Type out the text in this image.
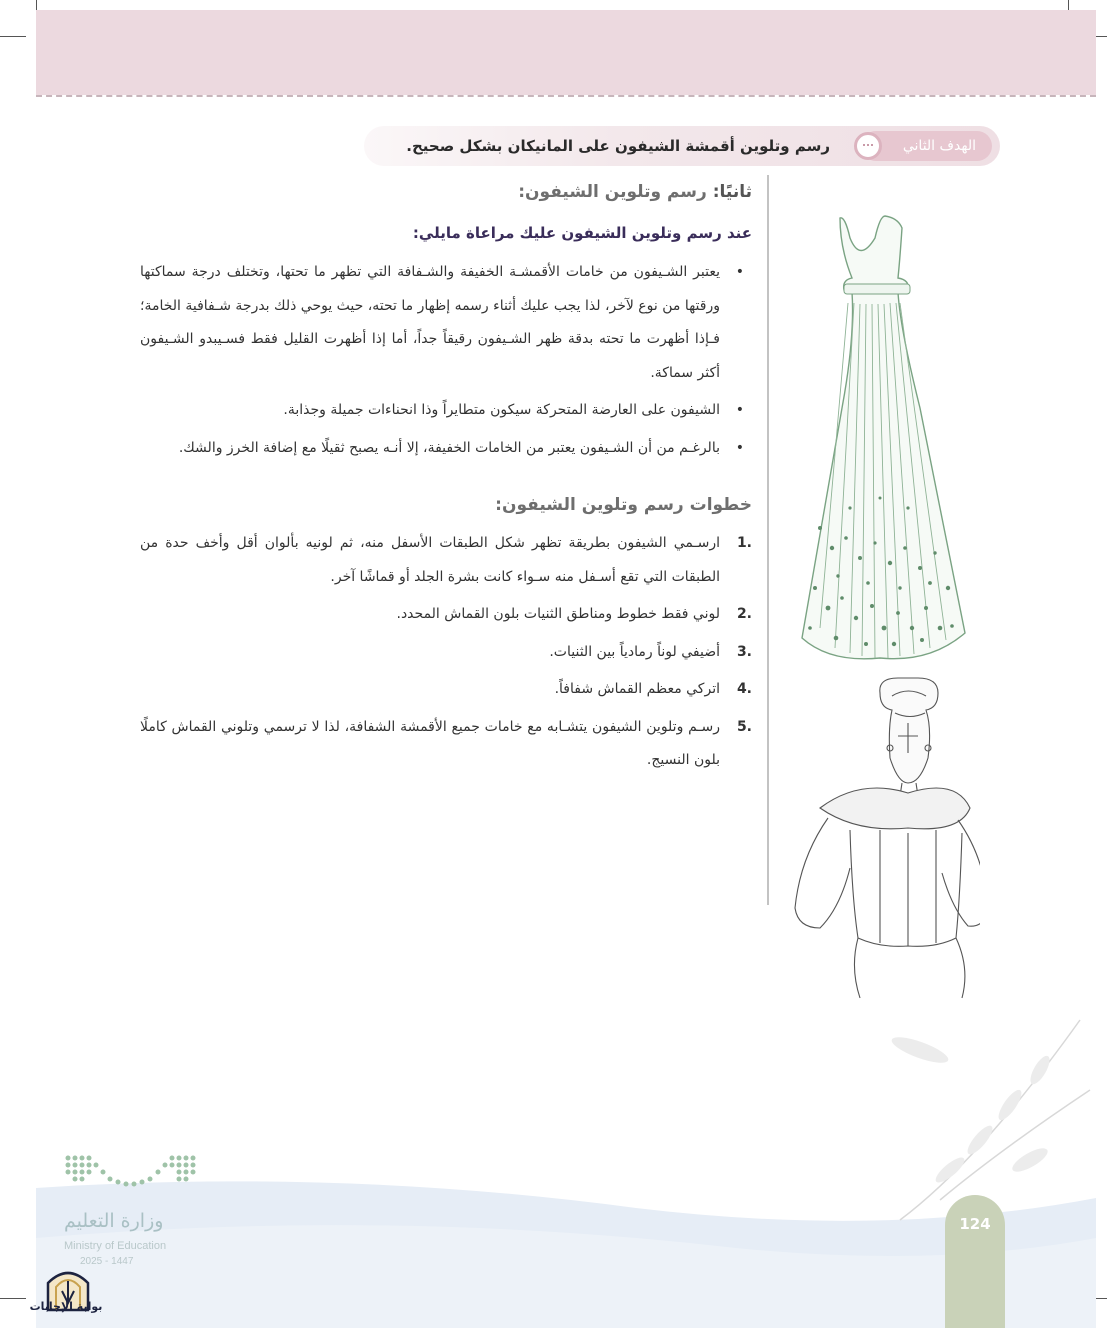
الهدف الثاني
رسم وتلوين أقمشة الشيفون على المانيكان بشكل صحيح.
ثانيًا: رسم وتلوين الشيفون:
عند رسم وتلوين الشيفون عليك مراعاة مايلي:
• يعتبر الشـيفون من خامات الأقمشـة الخفيفة والشـفافة التي تظهر ما تحتها، وتختلف درجة سماكتها ورقتها من نوع لآخر، لذا يجب عليك أثناء رسمه إظهار ما تحته، حيث يوحي ذلك بدرجة شـفافية الخامة؛ فـإذا أظهرت ما تحته بدقة ظهر الشـيفون رقيقاً جداً، أما إذا أظهرت القليل فقط فسـيبدو الشـيفون أكثر سماكة.
• الشيفون على العارضة المتحركة سيكون متطايراً وذا انحناءات جميلة وجذابة.
• بالرغـم من أن الشـيفون يعتبر من الخامات الخفيفة، إلا أنـه يصبح ثقيلًا مع إضافة الخرز والشك.
خطوات رسم وتلوين الشيفون:
1.
ارسـمي الشيفون بطريقة تظهر شكل الطبقات الأسفل منه، ثم لونيه بألوان أقل وأخف حدة من الطبقات التي تقع أسـفل منه سـواء كانت بشرة الجلد أو قماشًا آخر.
2.
لوني فقط خطوط ومناطق الثنيات بلون القماش المحدد.
3.
أضيفي لوناً رمادياً بين الثنيات.
4.
اتركي معظم القماش شفافاً.
5.
رسـم وتلوين الشيفون يتشـابه مع خامات جميع الأقمشة الشفافة، لذا لا ترسمي وتلوني القماش كاملًا بلون النسيج.
124
وزارة التعليم
Ministry of Education
2025 - 1447
بوابة الإجابات
